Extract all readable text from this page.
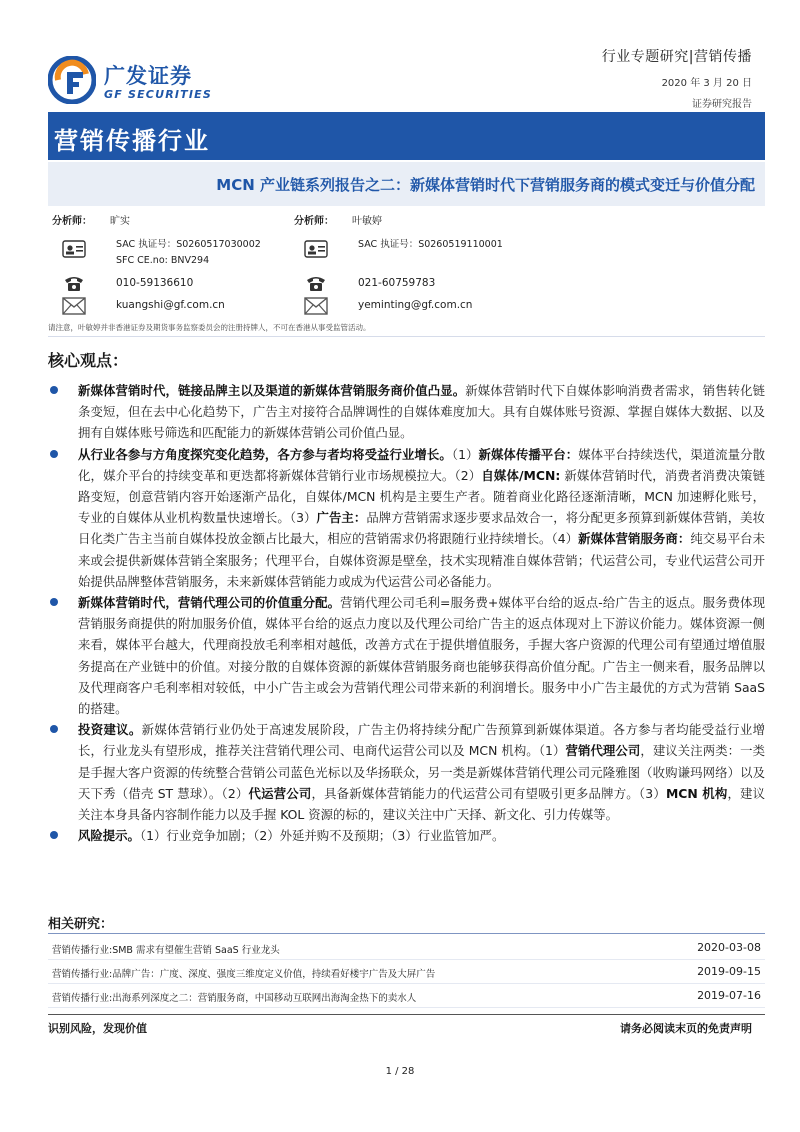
广发证券
GF SECURITIES
行业专题研究|营销传播
2020 年 3 月 20 日
证券研究报告
营销传播行业
MCN 产业链系列报告之二：新媒体营销时代下营销服务商的模式变迁与价值分配
分析师： 旷实
SAC 执证号：S0260517030002
SFC CE.no: BNV294
010-59136610
kuangshi@gf.com.cn
分析师： 叶敏婷
SAC 执证号：S0260519110001
021-60759783
yeminting@gf.com.cn
请注意，叶敏婷并非香港证券及期货事务监察委员会的注册持牌人，不可在香港从事受监管活动。
核心观点：
新媒体营销时代，链接品牌主以及渠道的新媒体营销服务商价值凸显。新媒体营销时代下自媒体影响消费者需求，销售转化链条变短，但在去中心化趋势下，广告主对接符合品牌调性的自媒体难度加大。具有自媒体账号资源、掌握自媒体大数据、以及拥有自媒体账号筛选和匹配能力的新媒体营销公司价值凸显。
从行业各参与方角度探究变化趋势，各方参与者均将受益行业增长。（1）新媒体传播平台：媒体平台持续迭代，渠道流量分散化，媒介平台的持续变革和更迭都将新媒体营销行业市场规模拉大。（2）自媒体/MCN: 新媒体营销时代，消费者消费决策链路变短，创意营销内容开始逐渐产品化，自媒体/MCN 机构是主要生产者。随着商业化路径逐渐清晰，MCN 加速孵化账号，专业的自媒体从业机构数量快速增长。（3）广告主：品牌方营销需求逐步要求品效合一，将分配更多预算到新媒体营销，美妆日化类广告主当前自媒体投放金额占比最大，相应的营销需求仍将跟随行业持续增长。（4）新媒体营销服务商：纯交易平台未来或会提供新媒体营销全案服务；代理平台，自媒体资源是壁垒，技术实现精准自媒体营销；代运营公司，专业代运营公司开始提供品牌整体营销服务，未来新媒体营销能力或成为代运营公司必备能力。
新媒体营销时代，营销代理公司的价值重分配。营销代理公司毛利=服务费+媒体平台给的返点-给广告主的返点。服务费体现营销服务商提供的附加服务价值，媒体平台给的返点力度以及代理公司给广告主的返点体现对上下游议价能力。媒体资源一侧来看，媒体平台越大，代理商投放毛利率相对越低，改善方式在于提供增值服务，手握大客户资源的代理公司有望通过增值服务提高在产业链中的价值。对接分散的自媒体资源的新媒体营销服务商也能够获得高价值分配。广告主一侧来看，服务品牌以及代理商客户毛利率相对较低，中小广告主或会为营销代理公司带来新的利润增长。服务中小广告主最优的方式为营销 SaaS 的搭建。
投资建议。新媒体营销行业仍处于高速发展阶段，广告主仍将持续分配广告预算到新媒体渠道。各方参与者均能受益行业增长，行业龙头有望形成，推荐关注营销代理公司、电商代运营公司以及 MCN 机构。（1）营销代理公司，建议关注两类：一类是手握大客户资源的传统整合营销公司蓝色光标以及华扬联众，另一类是新媒体营销代理公司元隆雅图（收购谦玛网络）以及天下秀（借壳 ST 慧球）。（2）代运营公司，具备新媒体营销能力的代运营公司有望吸引更多品牌方。（3）MCN 机构，建议关注本身具备内容制作能力以及手握 KOL 资源的标的，建议关注中广天择、新文化、引力传媒等。
风险提示。（1）行业竞争加剧；（2）外延并购不及预期；（3）行业监管加严。
相关研究：
营销传播行业:SMB 需求有望催生营销 SaaS 行业龙头	2020-03-08
营销传播行业:品牌广告：广度、深度、强度三维度定义价值，持续看好楼宇广告及大屏广告	2019-09-15
营销传播行业:出海系列深度之二：营销服务商，中国移动互联网出海淘金热下的卖水人	2019-07-16
识别风险，发现价值	请务必阅读末页的免责声明
1 / 28
